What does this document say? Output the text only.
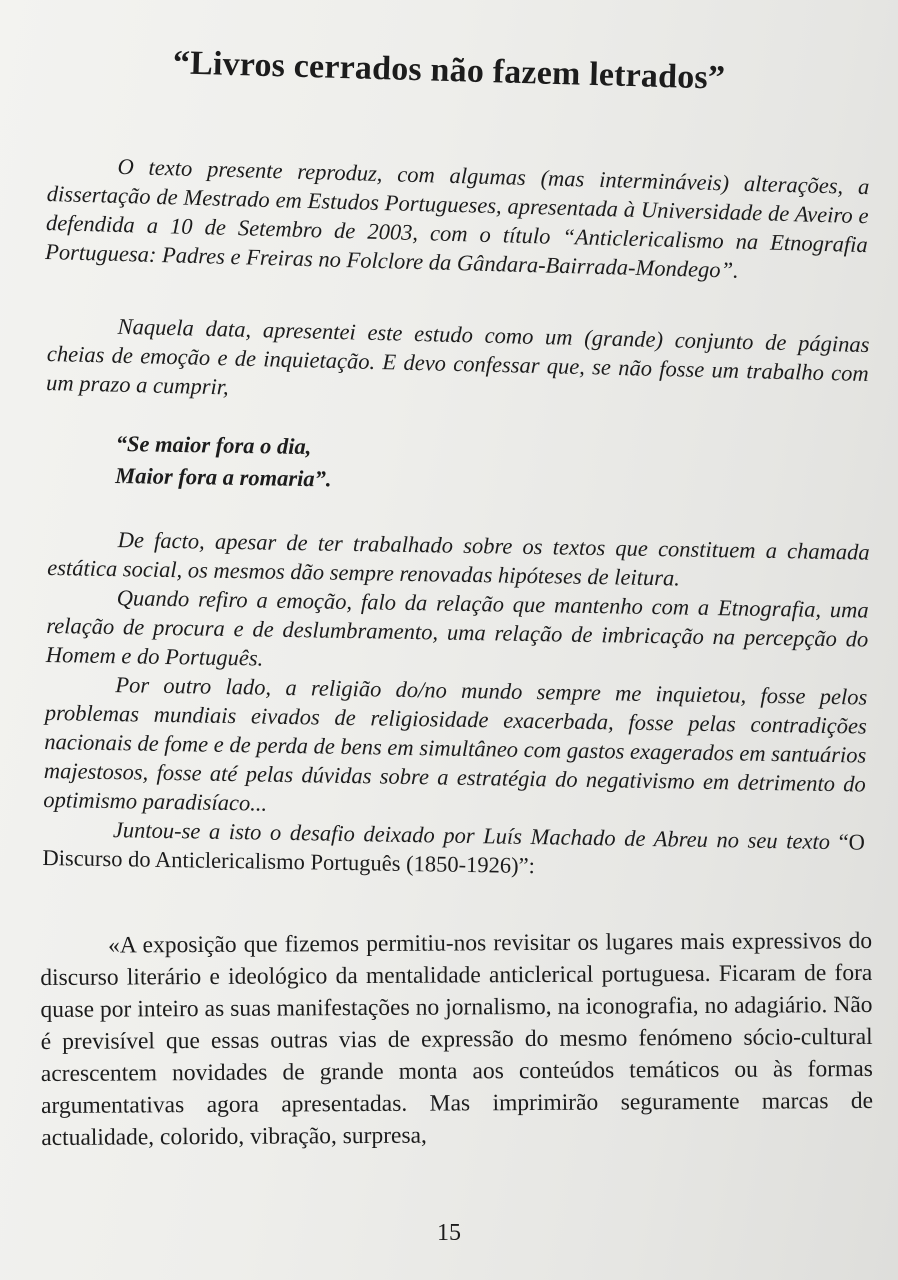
“Livros cerrados não fazem letrados”

O texto presente reproduz, com algumas (mas intermináveis) alterações, a dissertação de Mestrado em Estudos Portugueses, apresentada à Universidade de Aveiro e defendida a 10 de Setembro de 2003, com o título “Anticlericalismo na Etnografia Portuguesa: Padres e Freiras no Folclore da Gândara-Bairrada-Mondego”.

Naquela data, apresentei este estudo como um (grande) conjunto de páginas cheias de emoção e de inquietação. E devo confessar que, se não fosse um trabalho com um prazo a cumprir,

“Se maior fora o dia,
Maior fora a romaria”.

De facto, apesar de ter trabalhado sobre os textos que constituem a chamada estática social, os mesmos dão sempre renovadas hipóteses de leitura.

Quando refiro a emoção, falo da relação que mantenho com a Etnografia, uma relação de procura e de deslumbramento, uma relação de imbricação na percepção do Homem e do Português.

Por outro lado, a religião do/no mundo sempre me inquietou, fosse pelos problemas mundiais eivados de religiosidade exacerbada, fosse pelas contradições nacionais de fome e de perda de bens em simultâneo com gastos exagerados em santuários majestosos, fosse até pelas dúvidas sobre a estratégia do negativismo em detrimento do optimismo paradisíaco...

Juntou-se a isto o desafio deixado por Luís Machado de Abreu no seu texto “O Discurso do Anticlericalismo Português (1850-1926)”:

«A exposição que fizemos permitiu-nos revisitar os lugares mais expressivos do discurso literário e ideológico da mentalidade anticlerical portuguesa. Ficaram de fora quase por inteiro as suas manifestações no jornalismo, na iconografia, no adagiário. Não é previsível que essas outras vias de expressão do mesmo fenómeno sócio-cultural acrescentem novidades de grande monta aos conteúdos temáticos ou às formas argumentativas agora apresentadas. Mas imprimirão seguramente marcas de actualidade, colorido, vibração, surpresa,

15
